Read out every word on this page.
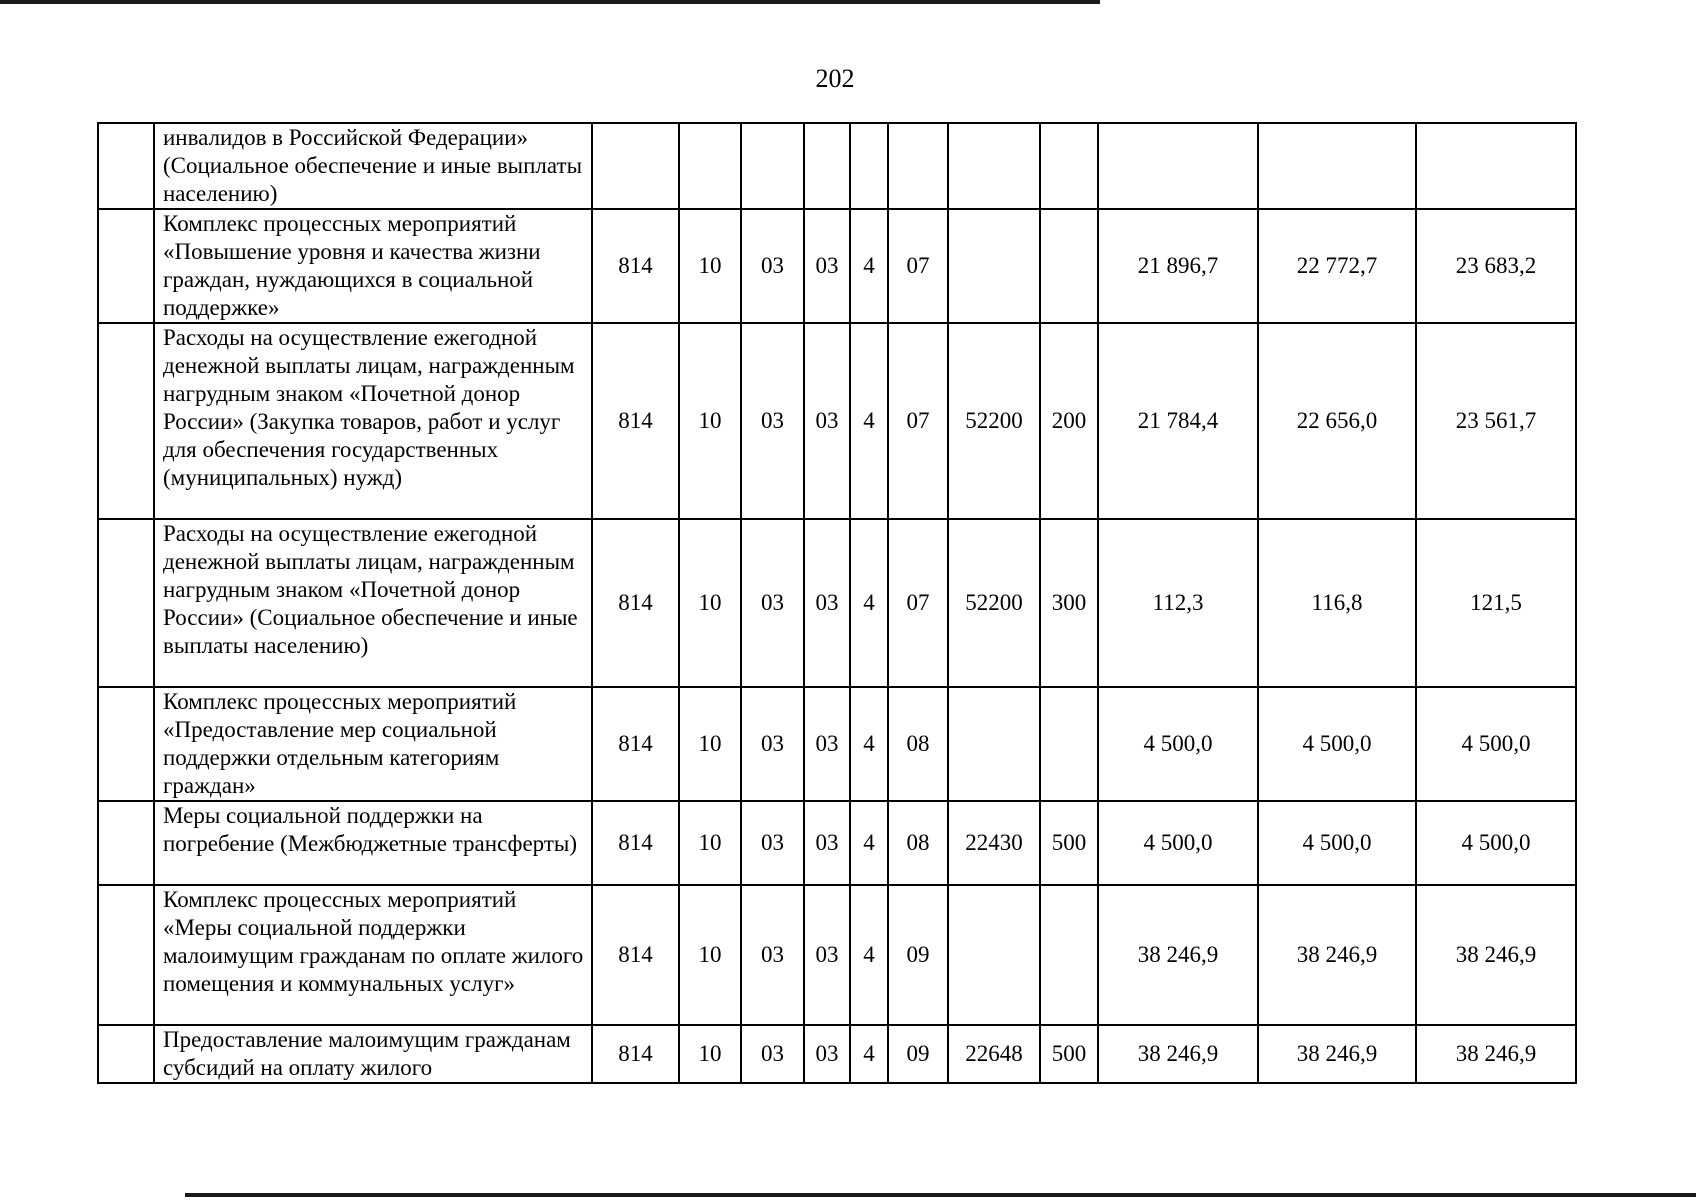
202
	инвалидов в Российской Федерации» (Социальное обеспечение и иные выплаты населению)											
	Комплекс процессных мероприятий «Повышение уровня и качества жизни граждан, нуждающихся в социальной поддержке»	814	10	03	03	4	07			21 896,7	22 772,7	23 683,2
	Расходы на осуществление ежегодной денежной выплаты лицам, награжденным нагрудным знаком «Почетной донор России» (Закупка товаров, работ и услуг для обеспечения государственных (муниципальных) нужд)	814	10	03	03	4	07	52200	200	21 784,4	22 656,0	23 561,7
	Расходы на осуществление ежегодной денежной выплаты лицам, награжденным нагрудным знаком «Почетной донор России» (Социальное обеспечение и иные выплаты населению)	814	10	03	03	4	07	52200	300	112,3	116,8	121,5
	Комплекс процессных мероприятий «Предоставление мер социальной поддержки отдельным категориям граждан»	814	10	03	03	4	08			4 500,0	4 500,0	4 500,0
	Меры социальной поддержки на погребение (Межбюджетные трансферты)	814	10	03	03	4	08	22430	500	4 500,0	4 500,0	4 500,0
	Комплекс процессных мероприятий «Меры социальной поддержки малоимущим гражданам по оплате жилого помещения и коммунальных услуг»	814	10	03	03	4	09			38 246,9	38 246,9	38 246,9
	Предоставление малоимущим гражданам субсидий на оплату жилого	814	10	03	03	4	09	22648	500	38 246,9	38 246,9	38 246,9
